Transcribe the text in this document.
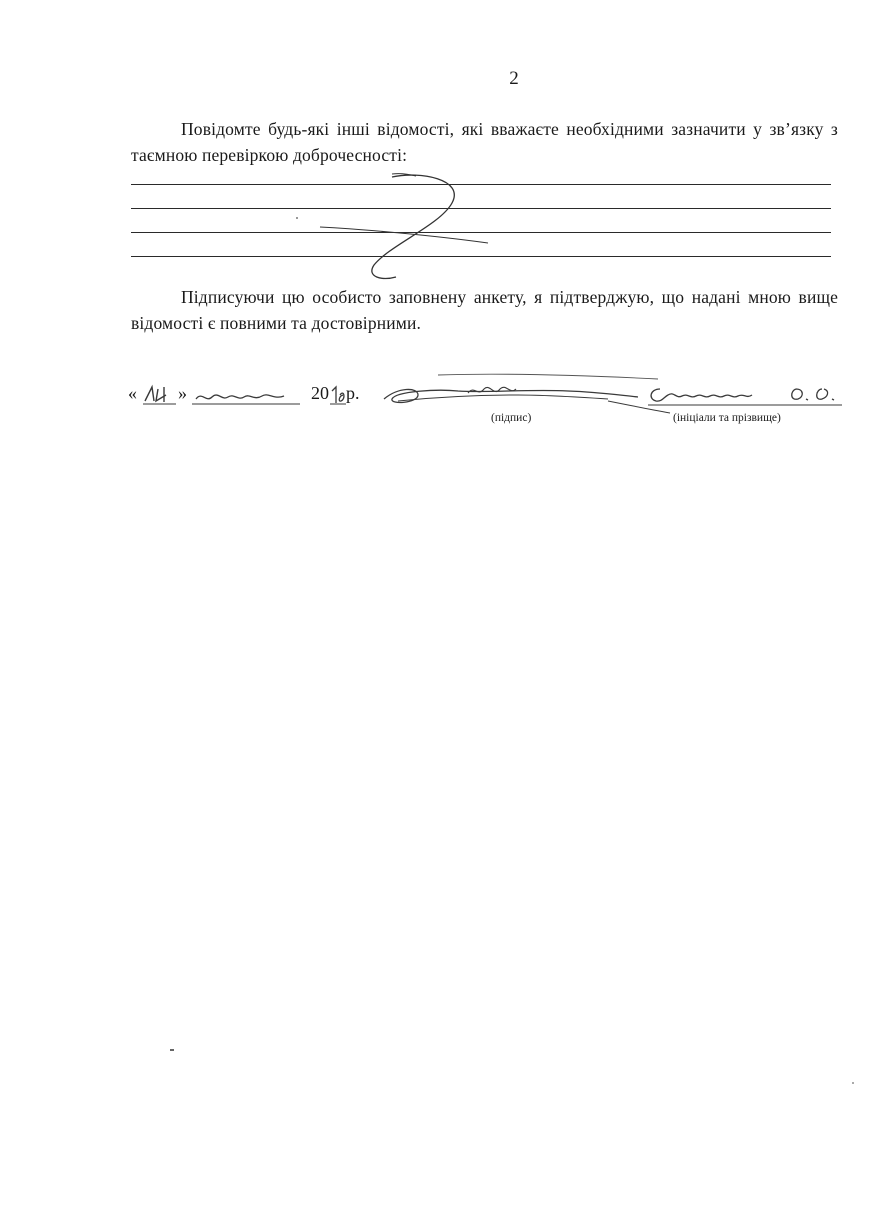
2

Повідомте будь-які інші відомості, які вважаєте необхідними зазначити у зв’язку з таємною перевіркою доброчесності:

Підписуючи цю особисто заповнену анкету, я підтверджую, що надані мною вище відомості є повними та достовірними.

« »	20 р.
(підпис)	(ініціали та прізвище)
